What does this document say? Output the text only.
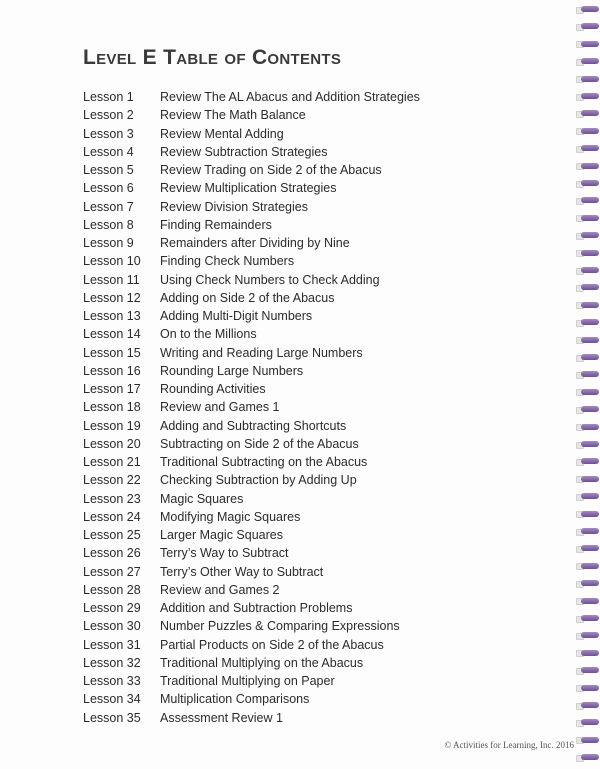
Level E Table of Contents
Lesson 1	Review The AL Abacus and Addition Strategies
Lesson 2	Review The Math Balance
Lesson 3	Review Mental Adding
Lesson 4	Review Subtraction Strategies
Lesson 5	Review Trading on Side 2 of the Abacus
Lesson 6	Review Multiplication Strategies
Lesson 7	Review Division Strategies
Lesson 8	Finding Remainders
Lesson 9	Remainders after Dividing by Nine
Lesson 10	Finding Check Numbers
Lesson 11	Using Check Numbers to Check Adding
Lesson 12	Adding on Side 2 of the Abacus
Lesson 13	Adding Multi-Digit Numbers
Lesson 14	On to the Millions
Lesson 15	Writing and Reading Large Numbers
Lesson 16	Rounding Large Numbers
Lesson 17	Rounding Activities
Lesson 18	Review and Games 1
Lesson 19	Adding and Subtracting Shortcuts
Lesson 20	Subtracting on Side 2 of the Abacus
Lesson 21	Traditional Subtracting on the Abacus
Lesson 22	Checking Subtraction by Adding Up
Lesson 23	Magic Squares
Lesson 24	Modifying Magic Squares
Lesson 25	Larger Magic Squares
Lesson 26	Terry’s Way to Subtract
Lesson 27	Terry’s Other Way to Subtract
Lesson 28	Review and Games 2
Lesson 29	Addition and Subtraction Problems
Lesson 30	Number Puzzles & Comparing Expressions
Lesson 31	Partial Products on Side 2 of the Abacus
Lesson 32	Traditional Multiplying on the Abacus
Lesson 33	Traditional Multiplying on Paper
Lesson 34	Multiplication Comparisons
Lesson 35	Assessment Review 1
© Activities for Learning, Inc. 2016
